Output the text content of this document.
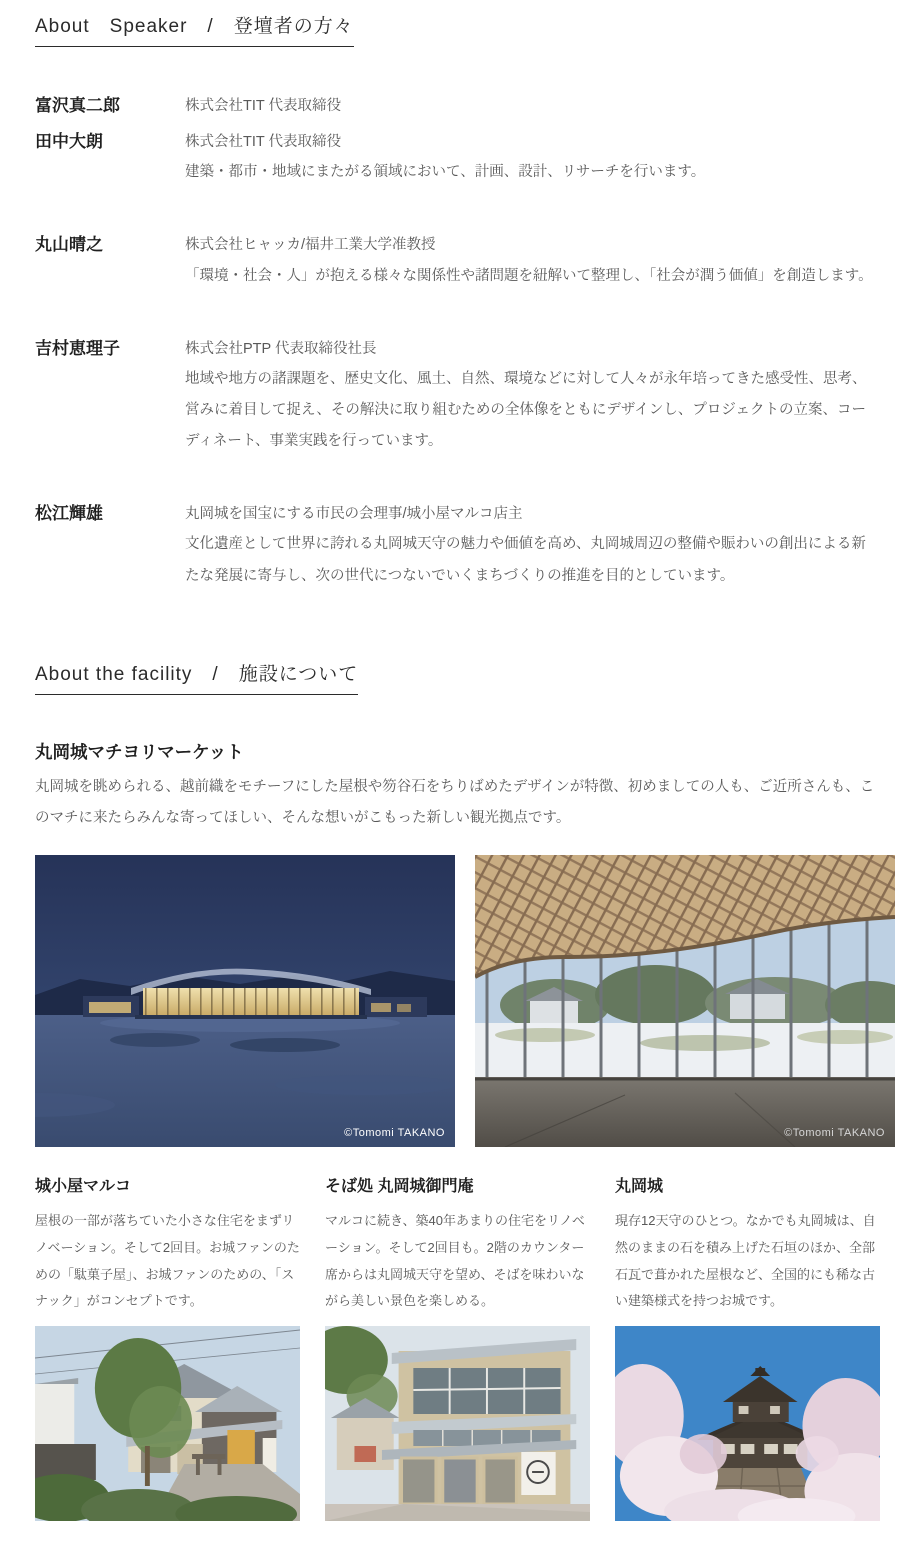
About　Speaker　/　登壇者の方々
富沢真二郎	株式会社TIT 代表取締役
田中大朗	株式会社TIT 代表取締役
建築・都市・地域にまたがる領域において、計画、設計、リサーチを行います。
丸山晴之	株式会社ヒャッカ/福井工業大学准教授
「環境・社会・人」が抱える様々な関係性や諸問題を紐解いて整理し、「社会が潤う価値」を創造します。
吉村恵理子	株式会社PTP 代表取締役社長
地域や地方の諸課題を、歴史文化、風土、自然、環境などに対して人々が永年培ってきた感受性、思考、営みに着目して捉え、その解決に取り組むための全体像をともにデザインし、プロジェクトの立案、コーディネート、事業実践を行っています。
松江輝雄	丸岡城を国宝にする市民の会理事/城小屋マルコ店主
文化遺産として世界に誇れる丸岡城天守の魅力や価値を高め、丸岡城周辺の整備や賑わいの創出による新たな発展に寄与し、次の世代につないでいくまちづくりの推進を目的としています。
About the facility　/　施設について
丸岡城マチヨリマーケット
丸岡城を眺められる、越前織をモチーフにした屋根や笏谷石をちりばめたデザインが特徴、初めましての人も、ご近所さんも、このマチに来たらみんな寄ってほしい、そんな想いがこもった新しい観光拠点です。
©Tomomi TAKANO	©Tomomi TAKANO
城小屋マルコ
屋根の一部が落ちていた小さな住宅をまずリノベーション。そして2回目。お城ファンのための「駄菓子屋」、お城ファンのための、「スナック」がコンセプトです。
そば処 丸岡城御門庵
マルコに続き、築40年あまりの住宅をリノベーション。そして2回目も。2階のカウンター席からは丸岡城天守を望め、そばを味わいながら美しい景色を楽しめる。
丸岡城
現存12天守のひとつ。なかでも丸岡城は、自然のままの石を積み上げた石垣のほか、全部石瓦で葺かれた屋根など、全国的にも稀な古い建築様式を持つお城です。
